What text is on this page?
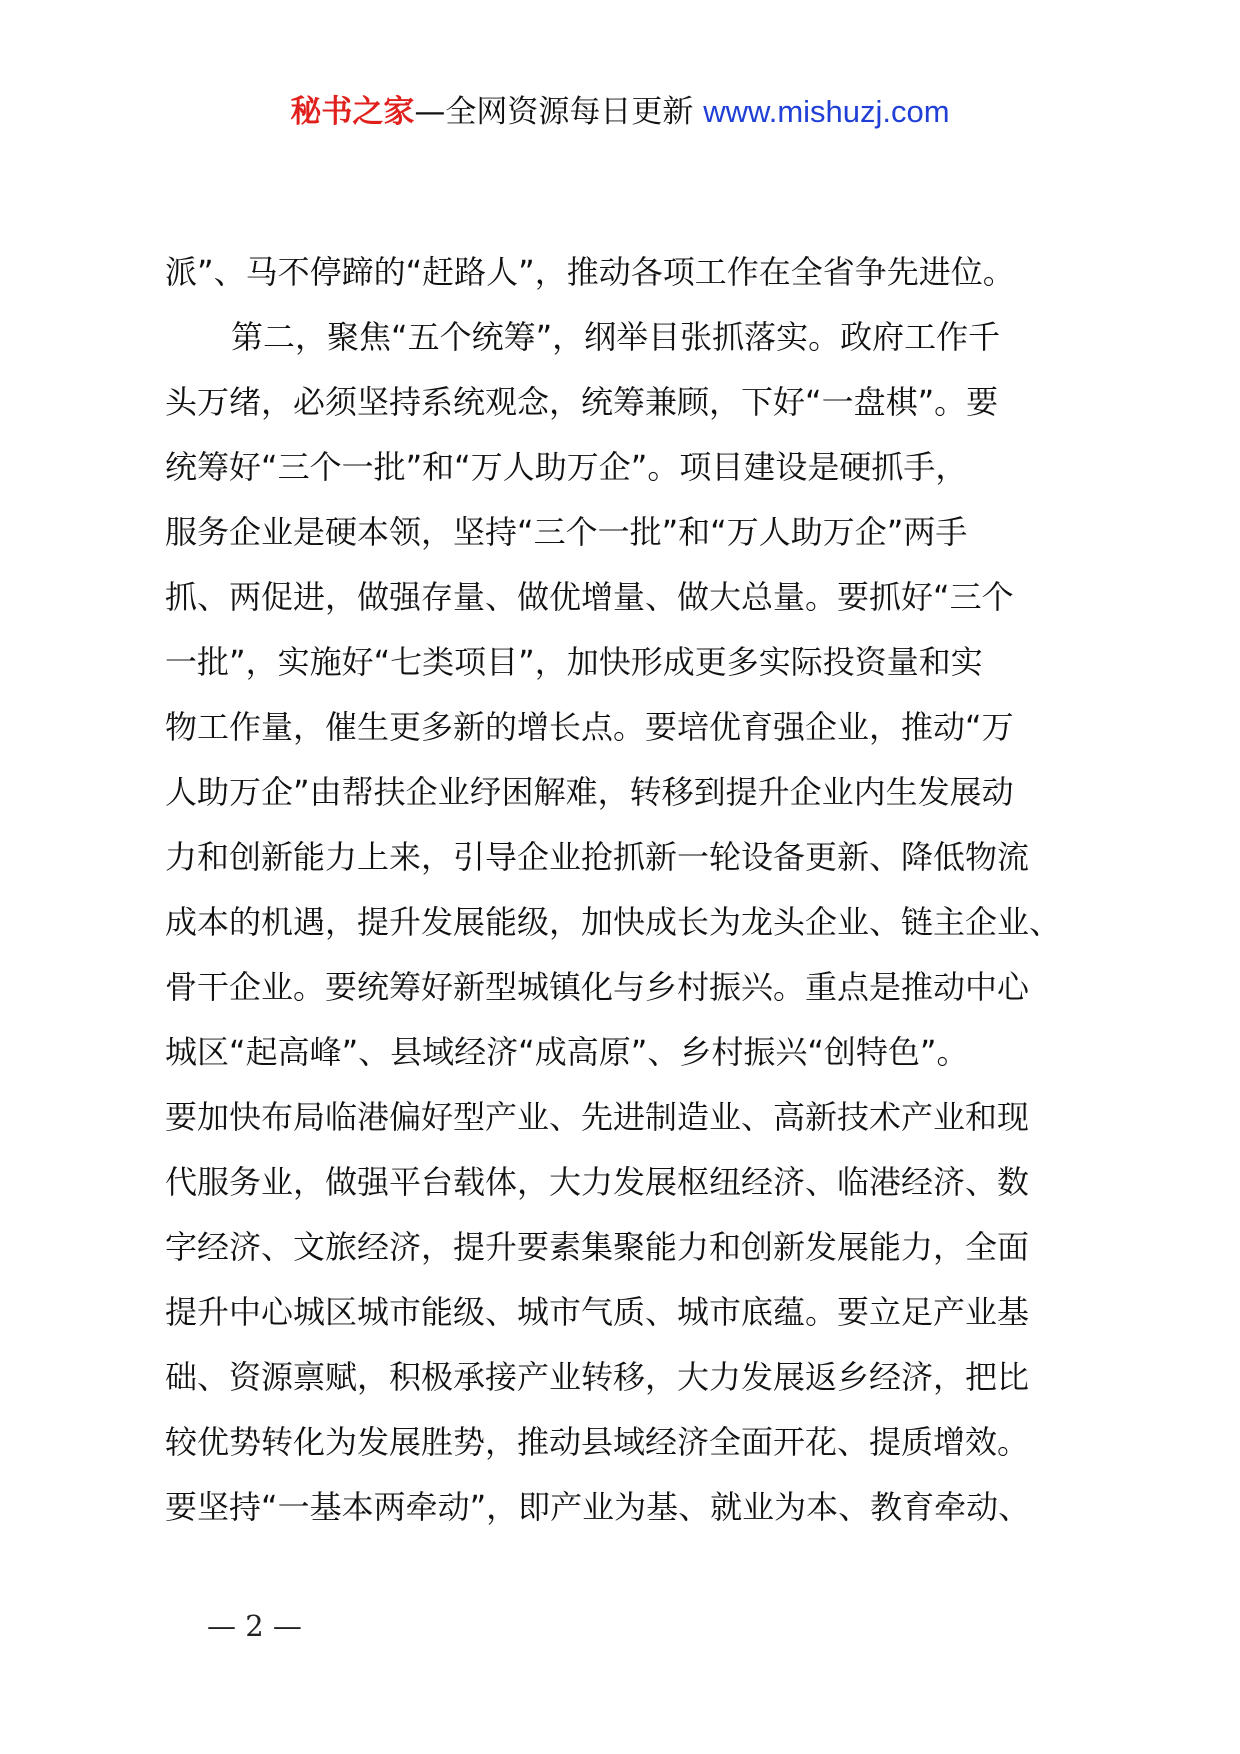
秘书之家—全网资源每日更新 www.mishuzj.com
派”、马不停蹄的“赶路人”，推动各项工作在全省争先进位。
第二，聚焦“五个统筹”，纲举目张抓落实。政府工作千
头万绪，必须坚持系统观念，统筹兼顾，下好“一盘棋”。要
统筹好“三个一批”和“万人助万企”。项目建设是硬抓手，
服务企业是硬本领，坚持“三个一批”和“万人助万企”两手
抓、两促进，做强存量、做优增量、做大总量。要抓好“三个
一批”，实施好“七类项目”，加快形成更多实际投资量和实
物工作量，催生更多新的增长点。要培优育强企业，推动“万
人助万企”由帮扶企业纾困解难，转移到提升企业内生发展动
力和创新能力上来，引导企业抢抓新一轮设备更新、降低物流
成本的机遇，提升发展能级，加快成长为龙头企业、链主企业、
骨干企业。要统筹好新型城镇化与乡村振兴。重点是推动中心
城区“起高峰”、县域经济“成高原”、乡村振兴“创特色”。
要加快布局临港偏好型产业、先进制造业、高新技术产业和现
代服务业，做强平台载体，大力发展枢纽经济、临港经济、数
字经济、文旅经济，提升要素集聚能力和创新发展能力，全面
提升中心城区城市能级、城市气质、城市底蕴。要立足产业基
础、资源禀赋，积极承接产业转移，大力发展返乡经济，把比
较优势转化为发展胜势，推动县域经济全面开花、提质增效。
要坚持“一基本两牵动”，即产业为基、就业为本、教育牵动、
— 2 —
